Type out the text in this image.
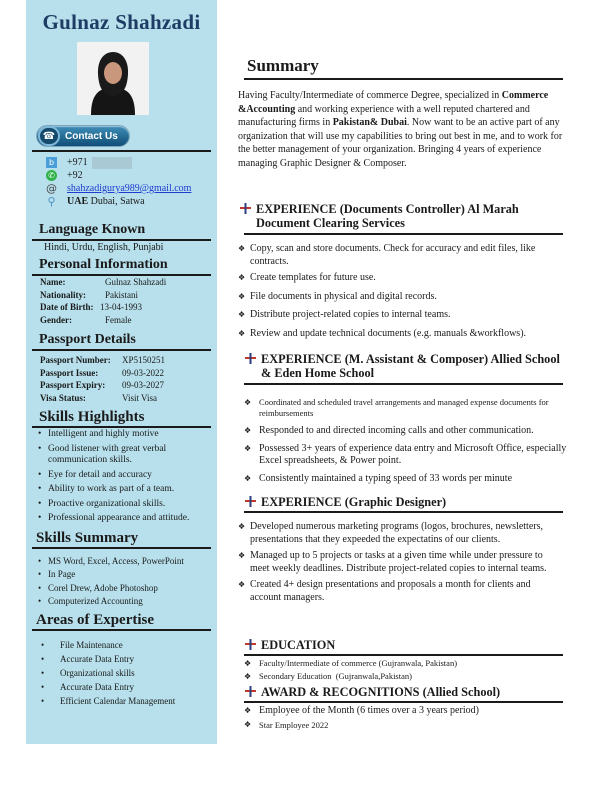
Gulnaz Shahzadi
☎ Contact Us
b +971
✆ +92
@ shahzadigurya989@gmail.com
⚲ UAE Dubai, Satwa
Language Known
Hindi, Urdu, English, Punjabi
Personal Information
Name:	Gulnaz Shahzadi
Nationality:	Pakistani
Date of Birth: 13-04-1993
Gender:	Female
Passport Details
Passport Number:	XP5150251
Passport Issue:	09-03-2022
Passport Expiry:	09-03-2027
Visa Status:	Visit Visa
Skills Highlights
• Intelligent and highly motive
• Good listener with great verbal communication skills.
• Eye for detail and accuracy
• Ability to work as part of a team.
• Proactive organizational skills.
• Professional appearance and attitude.
Skills Summary
• MS Word, Excel, Access, PowerPoint
• In Page
• Corel Drew, Adobe Photoshop
• Computerized Accounting
Areas of Expertise
• File Maintenance
• Accurate Data Entry
• Organizational skills
• Accurate Data Entry
• Efficient Calendar Management
Summary
Having Faculty/Intermediate of commerce Degree, specialized in Commerce &Accounting and working experience with a well reputed chartered and manufacturing firms in Pakistan& Dubai. Now want to be an active part of any organization that will use my capabilities to bring out best in me, and to work for the better management of your organization. Bringing 4 years of experience managing Graphic Designer & Composer.
EXPERIENCE (Documents Controller) Al Marah Document Clearing Services
❖ Copy, scan and store documents. Check for accuracy and edit files, like contracts.
❖ Create templates for future use.
❖ File documents in physical and digital records.
❖ Distribute project-related copies to internal teams.
❖ Review and update technical documents (e.g. manuals &workflows).
EXPERIENCE (M. Assistant & Composer) Allied School & Eden Home School
❖ Coordinated and scheduled travel arrangements and managed expense documents for reimbursements
❖ Responded to and directed incoming calls and other communication.
❖ Possessed 3+ years of experience data entry and Microsoft Office, especially Excel spreadsheets, & Power point.
❖ Consistently maintained a typing speed of 33 words per minute
EXPERIENCE (Graphic Designer)
❖ Developed numerous marketing programs (logos, brochures, newsletters, presentations that they expeeded the expectatins of our clients.
❖ Managed up to 5 projects or tasks at a given time while under pressure to meet weekly deadlines. Distribute project-related copies to internal teams.
❖ Created 4+ design presentations and proposals a month for clients and account managers.
EDUCATION
❖ Faculty/Intermediate of commerce (Gujranwala, Pakistan)
❖ Secondary Education  (Gujranwala,Pakistan)
AWARD & RECOGNITIONS (Allied School)
❖ Employee of the Month (6 times over a 3 years period)
❖ Star Employee 2022
